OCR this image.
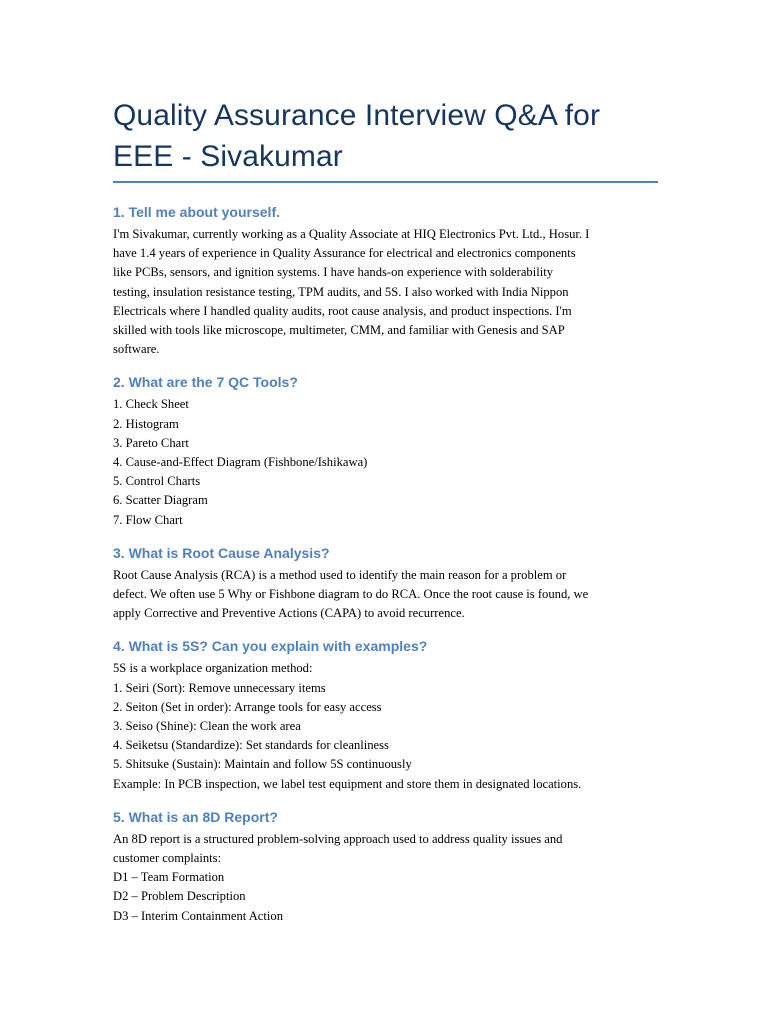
Quality Assurance Interview Q&A for
EEE - Sivakumar
1. Tell me about yourself.

I'm Sivakumar, currently working as a Quality Associate at HIQ Electronics Pvt. Ltd., Hosur. I
have 1.4 years of experience in Quality Assurance for electrical and electronics components
like PCBs, sensors, and ignition systems. I have hands-on experience with solderability
testing, insulation resistance testing, TPM audits, and 5S. I also worked with India Nippon
Electricals where I handled quality audits, root cause analysis, and product inspections. I'm
skilled with tools like microscope, multimeter, CMM, and familiar with Genesis and SAP
software.

2. What are the 7 QC Tools?

1. Check Sheet
2. Histogram
3. Pareto Chart
4. Cause-and-Effect Diagram (Fishbone/Ishikawa)
5. Control Charts
6. Scatter Diagram
7. Flow Chart

3. What is Root Cause Analysis?

Root Cause Analysis (RCA) is a method used to identify the main reason for a problem or
defect. We often use 5 Why or Fishbone diagram to do RCA. Once the root cause is found, we
apply Corrective and Preventive Actions (CAPA) to avoid recurrence.

4. What is 5S? Can you explain with examples?

5S is a workplace organization method:
1. Seiri (Sort): Remove unnecessary items
2. Seiton (Set in order): Arrange tools for easy access
3. Seiso (Shine): Clean the work area
4. Seiketsu (Standardize): Set standards for cleanliness
5. Shitsuke (Sustain): Maintain and follow 5S continuously
Example: In PCB inspection, we label test equipment and store them in designated locations.

5. What is an 8D Report?

An 8D report is a structured problem-solving approach used to address quality issues and
customer complaints:
D1 – Team Formation
D2 – Problem Description
D3 – Interim Containment Action
